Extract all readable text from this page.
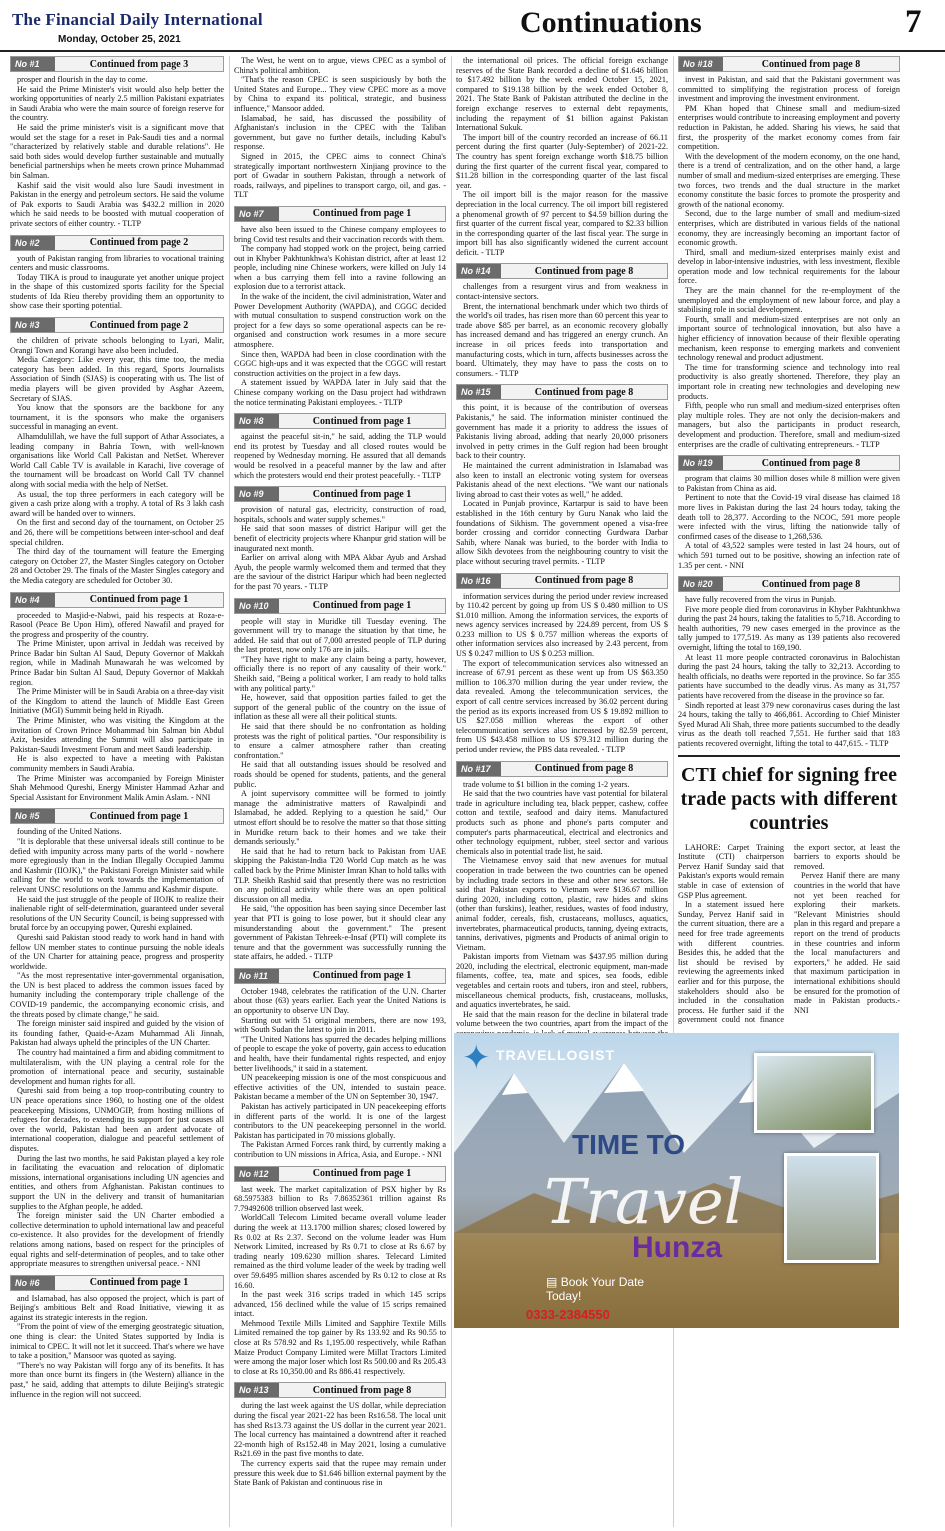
The Financial Daily International
Monday, October 25, 2021
Continuations	7
No #1	Continued from page 3

prosper and flourish in the day to come.

He said the Prime Minister's visit would also help better the working opportunities of nearly 2.5 million Pakistani expatriates in Saudi Arabia who were the main source of foreign reserve for the country.

He said the prime minister's visit is a significant move that would set the stage for a reset in Pak-Saudi ties and a normal "characterized by relatively stable and durable relations". He said both sides would develop further sustainable and mutually beneficial partnerships when he meets crown prince Muhammad bin Salman.

Kashif said the visit would also lure Saudi investment in Pakistan in the energy and petroleum sectors. He said the volume of Pak exports to Saudi Arabia was $432.2 million in 2020 which he said needs to be boosted with mutual cooperation of private sectors of either country. - TLTP

No #2	Continued from page 2

youth of Pakistan ranging from libraries to vocational training centers and music classrooms.

Today TIKA is proud to inaugurate yet another unique project in the shape of this customized sports facility for the Special students of Ida Rieu thereby providing them an opportunity to show case their sporting potential.

No #3	Continued from page 2

the children of private schools belonging to Lyari, Malir, Orangi Town and Korangi have also been included.

Media Category: Like every year, this time too, the media category has been added. In this regard, Sports Journalists Association of Sindh (SJAS) is cooperating with us. The list of media players will be given provided by Asghar Azeem, Secretary of SJAS.

You know that the sponsors are the backbone for any tournament, it is the sponsors who make the organisers successful in managing an event.

Alhamdulillah, we have the full support of Athar Associates, a leading company in Bahria Town, with well-known organisations like World Call Pakistan and NetSet. Wherever World Call Cable TV is available in Karachi, live coverage of the tournament will be broadcast on World Call TV channel along with social media with the help of NetSet.

As usual, the top three performers in each category will be given a cash prize along with a trophy. A total of Rs 3 lakh cash award will be handed over to winners.

On the first and second day of the tournament, on October 25 and 26, there will be competitions between inter-school and deaf special children.

The third day of the tournament will feature the Emerging category on October 27, the Master Singles category on October 28 and October 29. The finals of the Master Singles category and the Media category are scheduled for October 30.

No #4	Continued from page 1

proceeded to Masjid-e-Nabwi, paid his respects at Roza-e-Rasool (Peace Be Upon Him), offered Nawafil and prayed for the progress and prosperity of the country.

The Prime Minister, upon arrival in Jeddah was received by Prince Badar bin Sultan Al Saud, Deputy Governor of Makkah region, while in Madinah Munawarah he was welcomed by Prince Badar bin Sultan Al Saud, Deputy Governor of Makkah region.

The Prime Minister will be in Saudi Arabia on a three-day visit of the Kingdom to attend the launch of Middle East Green Initiative (MGI) Summit being held in Riyadh.

The Prime Minister, who was visiting the Kingdom at the invitation of Crown Prince Mohammad bin Salman bin Abdul Aziz, besides attending the Summit will also participate in Pakistan-Saudi Investment Forum and meet Saudi leadership.

He is also expected to have a meeting with Pakistan community members in Saudi Arabia.

The Prime Minister was accompanied by Foreign Minister Shah Mehmood Qureshi, Energy Minister Hammad Azhar and Special Assistant for Environment Malik Amin Aslam. - NNI

No #5	Continued from page 1

founding of the United Nations.

"It is deplorable that these universal ideals still continue to be defied with impunity across many parts of the world - nowhere more egregiously than in the Indian Illegally Occupied Jammu and Kashmir (IIOJK)," the Pakistani Foreign Minister said while calling for the world to work towards the implementation of relevant UNSC resolutions on the Jammu and Kashmir dispute.

He said the just struggle of the people of IIOJK to realize their inalienable right of self-determination, guaranteed under several resolutions of the UN Security Council, is being suppressed with brutal force by an occupying power, Qureshi explained.

Qureshi said Pakistan stood ready to work hand in hand with fellow UN member states to continue pursuing the noble ideals of the UN Charter for attaining peace, progress and prosperity worldwide.

"As the most representative inter-governmental organisation, the UN is best placed to address the common issues faced by humanity including the contemporary triple challenge of the COVID-19 pandemic, the accompanying economic crisis, and the threats posed by climate change," he said.

The foreign minister said inspired and guided by the vision of its founding father, Quaid-e-Azam Muhammad Ali Jinnah, Pakistan had always upheld the principles of the UN Charter.

The country had maintained a firm and abiding commitment to multilateralism, with the UN playing a central role for the promotion of international peace and security, sustainable development and human rights for all.

Qureshi said from being a top troop-contributing country to UN peace operations since 1960, to hosting one of the oldest peacekeeping Missions, UNMOGIP, from hosting millions of refugees for decades, to extending its support for just causes all over the world, Pakistan had been an ardent advocate of international cooperation, dialogue and peaceful settlement of disputes.

During the last two months, he said Pakistan played a key role in facilitating the evacuation and relocation of diplomatic missions, international organisations including UN agencies and entities, and others from Afghanistan. Pakistan continues to support the UN in the delivery and transit of humanitarian supplies to the Afghan people, he added.

The foreign minister said the UN Charter embodied a collective determination to uphold international law and peaceful co-existence. It also provides for the development of friendly relations among nations, based on respect for the principles of equal rights and self-determination of peoples, and to take other appropriate measures to strengthen universal peace. - NNI

No #6	Continued from page 1

and Islamabad, has also opposed the project, which is part of Beijing's ambitious Belt and Road Initiative, viewing it as against its strategic interests in the region.

"From the point of view of the emerging geostrategic situation, one thing is clear: the United States supported by India is inimical to CPEC. It will not let it succeed. That's where we have to take a position," Mansoor was quoted as saying.

"There's no way Pakistan will forgo any of its benefits. It has more than once burnt its fingers in (the Western) alliance in the past," he said, adding that attempts to dilute Beijing's strategic influence in the region will not succeed.

The West, he went on to argue, views CPEC as a symbol of China's political ambition.

"That's the reason CPEC is seen suspiciously by both the United States and Europe... They view CPEC more as a move by China to expand its political, strategic, and business influence," Mansoor added.

Islamabad, he said, has discussed the possibility of Afghanistan's inclusion in the CPEC with the Taliban government, but gave no further details, including Kabul's response.

Signed in 2015, the CPEC aims to connect China's strategically important northwestern Xinjiang province to the port of Gwadar in southern Pakistan, through a network of roads, railways, and pipelines to transport cargo, oil, and gas. - TLT

No #7	Continued from page 1

have also been issued to the Chinese company employees to bring Covid test results and their vaccination records with them.

The company had stopped work on the project, being carried out in Khyber Pakhtunkhwa's Kohistan district, after at least 12 people, including nine Chinese workers, were killed on July 14 when a bus carrying them fell into a ravine following an explosion due to a terrorist attack.

In the wake of the incident, the civil administration, Water and Power Development Authority (WAPDA), and CGGC decided with mutual consultation to suspend construction work on the project for a few days so some operational aspects can be re-organised and construction work resumes in a more secure atmosphere.

Since then, WAPDA had been in close coordination with the CGGC high-ups and it was expected that the CGGC will restart construction activities on the project in a few days.

A statement issued by WAPDA later in July said that the Chinese company working on the Dasu project had withdrawn the notice terminating Pakistani employees. - TLTP

No #8	Continued from page 1

against the peaceful sit-in," he said, adding the TLP would end its protest by Tuesday and all closed routes would be reopened by Wednesday morning. He assured that all demands would be resolved in a peaceful manner by the law and after which the protesters would end their protest peacefully. - TLTP

No #9	Continued from page 1

provision of natural gas, electricity, construction of road, hospitals, schools and water supply schemes."

He said that soon masses of district Haripur will get the benefit of electricity projects where Khanpur grid station will be inaugurated next month.

Earlier on arrival along with MPA Akbar Ayub and Arshad Ayub, the people warmly welcomed them and termed that they are the saviour of the district Haripur which had been neglected for the past 70 years. - TLTP

No #10	Continued from page 1

people will stay in Muridke till Tuesday evening. The government will try to manage the situation by that time, he added. He said that out of 7,000 arrested people of TLP during the last protest, now only 176 are in jails.

"They have right to make any claim being a party, however, officially there is no report of any causality of their work." Sheikh said, "Being a political worker, I am ready to hold talks with any political party."

He, however, said that opposition parties failed to get the support of the general public of the country on the issue of inflation as these all were all their political stunts.

He said that there should be no confrontation as holding protests was the right of political parties. "Our responsibility is to ensure a calmer atmosphere rather than creating confrontation."

He said that all outstanding issues should be resolved and roads should be opened for students, patients, and the general public.

A joint supervisory committee will be formed to jointly manage the administrative matters of Rawalpindi and Islamabad, he added. Replying to a question he said," Our utmost effort should be to resolve the matter so that those sitting in Muridke return back to their homes and we take their demands seriously."

He said that he had to return back to Pakistan from UAE skipping the Pakistan-India T20 World Cup match as he was called back by the Prime Minister Imran Khan to hold talks with TLP. Sheikh Rashid said that presently there was no restriction on any political activity while there was an open political discussion on all media.

He said, "the opposition has been saying since December last year that PTI is going to lose power, but it should clear any misunderstanding about the government." The present government of Pakistan Tehreek-e-Insaf (PTI) will complete its tenure and that the government was successfully running the state affairs, he added. - TLTP

No #11	Continued from page 1

October 1948, celebrates the ratification of the U.N. Charter about those (63) years earlier. Each year the United Nations is an opportunity to observe UN Day.

Starting out with 51 original members, there are now 193, with South Sudan the latest to join in 2011.

"The United Nations has spurred the decades helping millions of people to escape the yoke of poverty, gain access to education and health, have their fundamental rights respected, and enjoy better livelihoods," it said in a statement.

UN peacekeeping mission is one of the most conspicuous and effective activities of the UN, intended to sustain peace. Pakistan became a member of the UN on September 30, 1947.

Pakistan has actively participated in UN peacekeeping efforts in different parts of the world. It is one of the largest contributors to the UN peacekeeping personnel in the world. Pakistan has participated in 70 missions globally.

The Pakistan Armed Forces rank third, by currently making a contribution to UN missions in Africa, Asia, and Europe. - NNI

No #12	Continued from page 1

last week. The market capitalization of PSX higher by Rs 68.5975383 billion to Rs 7.86352361 trillion against Rs 7.79492608 trillion observed last week.

WorldCall Telecom Limited became overall volume leader during the week at 113.1700 million shares; closed lowered by Rs 0.02 at Rs 2.37. Second on the volume leader was Hum Network Limited, increased by Rs 0.71 to close at Rs 6.67 by trading nearly 109.6230 million shares. Telecard Limited remained as the third volume leader of the week by trading well over 59.6495 million shares ascended by Rs 0.12 to close at Rs 16.60.

In the past week 316 scrips traded in which 145 scrips advanced, 156 declined while the value of 15 scrips remained intact.

Mehmood Textile Mills Limited and Sapphire Textile Mills Limited remained the top gainer by Rs 133.92 and Rs 90.55 to close at Rs 578.92 and Rs 1,195.00 respectively, while Rafhan Maize Product Company Limited were Millat Tractors Limited were among the major loser which lost Rs 500.00 and Rs 205.43 to close at Rs 10,350.00 and Rs 886.41 respectively.

No #13	Continued from page 8

during the last week against the US dollar, while depreciation during the fiscal year 2021-22 has been Rs16.58. The local unit has shed Rs13.73 against the US dollar in the current year 2021. The local currency has maintained a downtrend after it reached 22-month high of Rs152.48 in May 2021, losing a cumulative Rs21.69 in the past five months to date.

The currency experts said that the rupee may remain under pressure this week due to $1.646 billion external payment by the State Bank of Pakistan and continuous rise in

the international oil prices. The official foreign exchange reserves of the State Bank recorded a decline of $1.646 billion to $17.492 billion by the week ended October 15, 2021, compared to $19.138 billion by the week ended October 8, 2021. The State Bank of Pakistan attributed the decline in the foreign exchange reserves to external debt repayments, including the repayment of $1 billion against Pakistan International Sukuk.

The import bill of the country recorded an increase of 66.11 percent during the first quarter (July-September) of 2021-22. The country has spent foreign exchange worth $18.75 billion during the first quarter of the current fiscal year, compared to $11.28 billion in the corresponding quarter of the last fiscal year.

The oil import bill is the major reason for the massive depreciation in the local currency. The oil import bill registered a phenomenal growth of 97 percent to $4.59 billion during the first quarter of the current fiscal year, compared to $2.33 billion in the corresponding quarter of the last fiscal year. The surge in import bill has also significantly widened the current account deficit. - TLTP

No #14	Continued from page 8

challenges from a resurgent virus and from weakness in contact-intensive sectors.

Brent, the international benchmark under which two thirds of the world's oil trades, has risen more than 60 percent this year to trade above $85 per barrel, as an economic recovery globally has increased demand and has triggered an energy crunch. An increase in oil prices feeds into transportation and manufacturing costs, which in turn, affects businesses across the board. Ultimately, they may have to pass the costs on to consumers. - TLTP

No #15	Continued from page 8

this point, it is because of the contribution of overseas Pakistanis," he said. The information minister continued the government has made it a priority to address the issues of Pakistanis living abroad, adding that nearly 20,000 prisoners involved in petty crimes in the Gulf region had been brought back to their country.

He maintained the current administration in Islamabad was also keen to install an electronic voting system for overseas Pakistanis ahead of the next elections. "We want our nationals living abroad to cast their votes as well," he added.

Located in Punjab province, Kartarpur is said to have been established in the 16th century by Guru Nanak who laid the foundations of Sikhism. The government opened a visa-free border crossing and corridor connecting Gurdwara Darbar Sahib, where Nanak was buried, to the border with India to allow Sikh devotees from the neighbouring country to visit the place without securing travel permits. - TLTP

No #16	Continued from page 8

information services during the period under review increased by 110.42 percent by going up from US $ 0.480 million to US $1.010 million. Among the information services, the exports of news agency services increased by 224.89 percent, from US $ 0.233 million to US $ 0.757 million whereas the exports of other information services also increased by 2.43 percent, from US $ 0.247 million to US $ 0.253 million.

The export of telecommunication services also witnessed an increase of 67.91 percent as these went up from US $63.350 million to 106.370 million during the year under review, the data revealed. Among the telecommunication services, the export of call centre services increased by 36.02 percent during the period as its exports increased from US $ 19.892 million to US $27.058 million whereas the export of other telecommunication services also increased by 82.59 percent, from US $43.458 million to US $79.312 million during the period under review, the PBS data revealed. - TLTP

No #17	Continued from page 8

trade volume to $1 billion in the coming 1-2 years.

He said that the two countries have vast potential for bilateral trade in agriculture including tea, black pepper, cashew, coffee cotton and textile, seafood and dairy items. Manufactured products such as phone and phone's parts computer and computer's parts pharmaceutical, electrical and electronics and other technology equipment, rubber, steel sector and various chemicals also in potential trade list, he said.

The Vietnamese envoy said that new avenues for mutual cooperation in trade between the two countries can be opened by including trade sectors in these and other new sectors. He said that Pakistan exports to Vietnam were $136.67 million during 2020, including cotton, plastic, raw hides and skins (other than furskins), leather, residues, wastes of food industry, animal fodder, cereals, fish, crustaceans, molluscs, aquatics, invertebrates, pharmaceutical products, tanning, dyeing extracts, tannins, derivatives, pigments and Products of animal origin to Vietnam.

Pakistan imports from Vietnam was $437.95 million during 2020, including the electrical, electronic equipment, man-made filaments, coffee, tea, mate and spices, sea foods, edible vegetables and certain roots and tubers, iron and steel, rubbers, miscellaneous chemical products, fish, crustaceans, mollusks, and aquatics invertebrates, he said.

He said that the main reason for the decline in bilateral trade volume between the two countries, apart from the impact of the

No #18	Continued from page 8

invest in Pakistan, and said that the Pakistani government was committed to simplifying the registration process of foreign investment and improving the investment environment.

PM Khan hoped that Chinese small and medium-sized enterprises would contribute to increasing employment and poverty reduction in Pakistan, he added. Sharing his views, he said that first, the prosperity of the market economy comes from fair competition.

With the development of the modern economy, on the one hand, there is a trend of centralization, and on the other hand, a large number of small and medium-sized enterprises are emerging. These two forces, two trends and the dual structure in the market economy constitute the basic forces to promote the prosperity and growth of the national economy.

Second, due to the large number of small and medium-sized enterprises, which are distributed in various fields of the national economy, they are increasingly becoming an important factor of economic growth.

Third, small and medium-sized enterprises mainly exist and develop in labor-intensive industries, with less investment, flexible operation mode and low technical requirements for the labour force.

They are the main channel for the re-employment of the unemployed and the employment of new labour force, and play a stabilising role in social development.

Fourth, small and medium-sized enterprises are not only an important source of technological innovation, but also have a higher efficiency of innovation because of their flexible operating mechanism, keen response to emerging markets and convenient technology renewal and product adjustment.

The time for transforming science and technology into real productivity is also greatly shortened. Therefore, they play an important role in creating new technologies and developing new products.

Fifth, people who run small and medium-sized enterprises often play multiple roles. They are not only the decision-makers and managers, but also the participants in product research, development and production. Therefore, small and medium-sized enterprises are the cradle of cultivating entrepreneurs. - TLTP

No #19	Continued from page 8

program that claims 30 million doses while 8 million were given to Pakistan from China as aid.

Pertinent to note that the Covid-19 viral disease has claimed 18 more lives in Pakistan during the last 24 hours today, taking the death toll to 28,377. According to the NCOC, 591 more people were infected with the virus, lifting the nationwide tally of confirmed cases of the disease to 1,268,536.

A total of 43,522 samples were tested in last 24 hours, out of which 591 turned out to be positive, showing an infection rate of 1.35 per cent. - NNI

No #20	Continued from page 8

have fully recovered from the virus in Punjab.

Five more people died from coronavirus in Khyber Pakhtunkhwa during the past 24 hours, taking the fatalities to 5,718. According to health authorities, 79 new cases emerged in the province as the tally jumped to 177,519. As many as 139 patients also recovered overnight, lifting the total to 169,190.

At least 11 more people contracted coronavirus in Balochistan during the past 24 hours, taking the tally to 32,213. According to health officials, no deaths were reported in the province. So far 355 patients have succumbed to the deadly virus. As many as 31,757 patients have recovered from the disease in the province so far.

Sindh reported at least 379 new coronavirus cases during the last 24 hours, taking the tally to 466,861. According to Chief Minister Syed Murad Ali Shah, three more patients succumbed to the deadly virus as the death toll reached 7,551. He further said that 183 patients recovered overnight, lifting the total to 447,615. - TLTP

CTI chief for signing free trade pacts with different countries

LAHORE: Carpet Training Institute (CTI) chairperson Pervez Hanif Sunday said that Pakistan's exports would remain stable in case of extension of GSP Plus agreement.

In a statement issued here Sunday, Pervez Hanif said in the current situation, there are a need for free trade agreements with different countries. Besides this, he added that the list should be revised by reviewing the agreements inked earlier and for this purpose, the stakeholders should also be included in the consultation process. He further said if the government could not finance the export sector, at least the barriers to exports should be removed.

Pervez Hanif there are many countries in the world that have not yet been reached for exploring their markets. "Relevant Ministries should plan in this regard and prepare a report on the trend of products in these countries and inform the local manufacturers and exporters," he added. He said that maximum participation in international exhibitions should be ensured for the promotion of made in Pakistan products.- NNI

✦ TRAVELLOGIST
TIME TO
Travel
Hunza
▤ Book Your Date
Today!
0333-2384550
